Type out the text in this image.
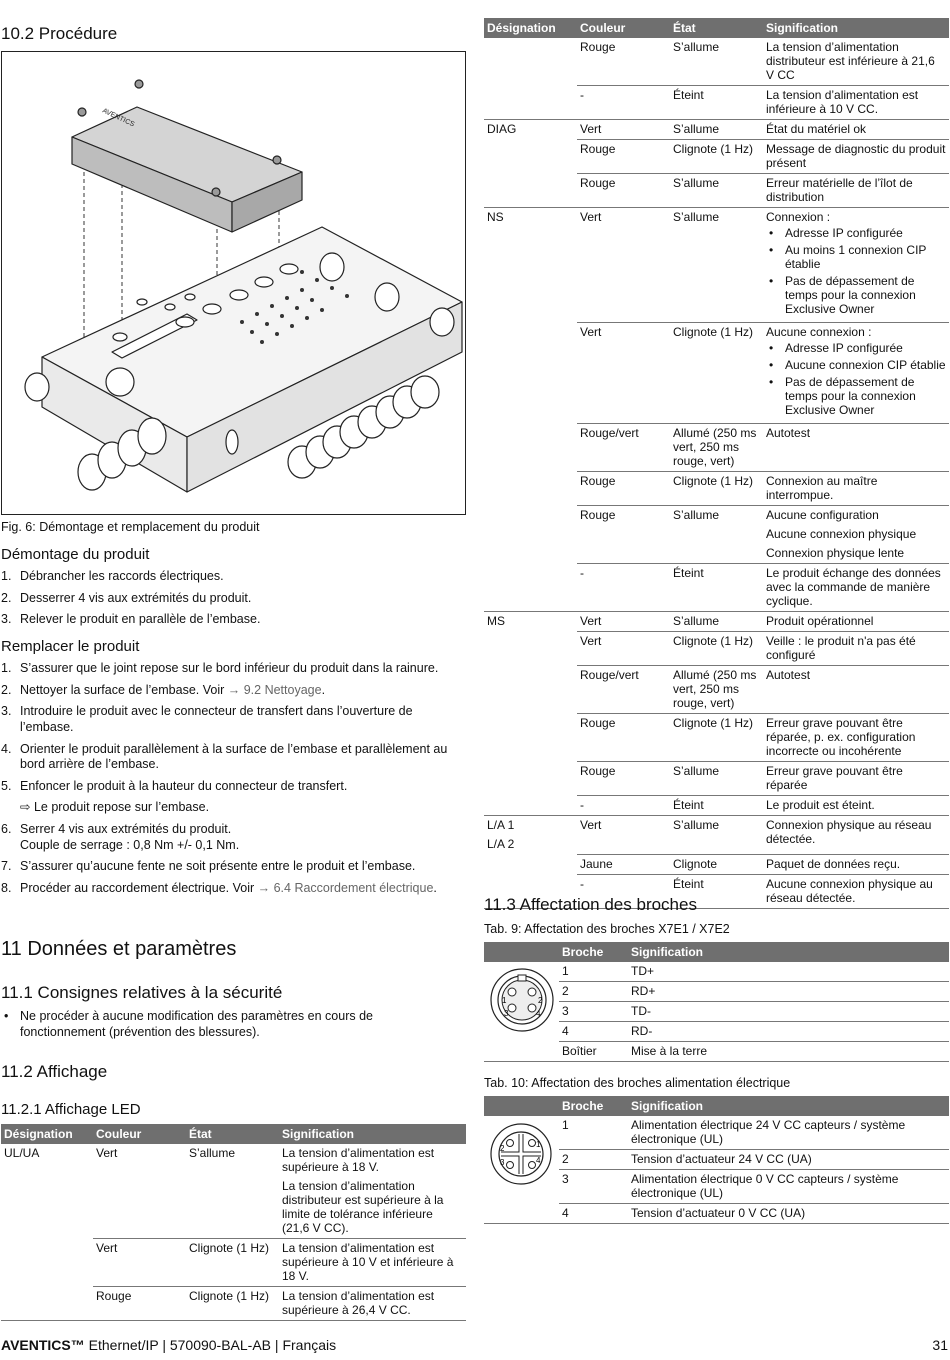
10.2 Procédure
AVENTICS
Fig. 6: Démontage et remplacement du produit
Démontage du produit
1. Débrancher les raccords électriques.
2. Desserrer 4 vis aux extrémités du produit.
3. Relever le produit en parallèle de l’embase.
Remplacer le produit
1. S’assurer que le joint repose sur le bord inférieur du produit dans la rainure.
2. Nettoyer la surface de l’embase. Voir → 9.2 Nettoyage.
3. Introduire le produit avec le connecteur de transfert dans l’ouverture de l’embase.
4. Orienter le produit parallèlement à la surface de l’embase et parallèlement au bord arrière de l’embase.
5. Enfoncer le produit à la hauteur du connecteur de transfert.
⇨ Le produit repose sur l’embase.
6. Serrer 4 vis aux extrémités du produit.
Couple de serrage : 0,8 Nm +/- 0,1 Nm.
7. S’assurer qu’aucune fente ne soit présente entre le produit et l’embase.
8. Procéder au raccordement électrique. Voir → 6.4 Raccordement électrique.
11 Données et paramètres
11.1 Consignes relatives à la sécurité
• Ne procéder à aucune modification des paramètres en cours de fonctionnement (prévention des blessures).
11.2 Affichage
11.2.1 Affichage LED
Désignation	Couleur	État	Signification
UL/UA	Vert	S’allume	La tension d’alimentation est supérieure à 18 V.
			La tension d’alimentation distributeur est supérieure à la limite de tolérance inférieure (21,6 V CC).
	Vert	Clignote (1 Hz)	La tension d’alimentation est supérieure à 10 V et inférieure à 18 V.
	Rouge	Clignote (1 Hz)	La tension d’alimentation est supérieure à 26,4 V CC.
Désignation	Couleur	État	Signification
	Rouge	S’allume	La tension d’alimentation distributeur est inférieure à 21,6 V CC
	-	Éteint	La tension d’alimentation est inférieure à 10 V CC.
DIAG	Vert	S’allume	État du matériel ok
	Rouge	Clignote (1 Hz)	Message de diagnostic du produit présent
	Rouge	S’allume	Erreur matérielle de l’îlot de distribution
NS	Vert	S’allume	Connexion :
• Adresse IP configurée
• Au moins 1 connexion CIP établie
• Pas de dépassement de temps pour la connexion Exclusive Owner

	Vert	Clignote (1 Hz)	Aucune connexion :
• Adresse IP configurée
• Aucune connexion CIP établie
• Pas de dépassement de temps pour la connexion Exclusive Owner

	Rouge/vert	Allumé (250 ms vert, 250 ms rouge, vert)	Autotest
	Rouge	Clignote (1 Hz)	Connexion au maître interrompue.
	Rouge	S’allume	Aucune configuration
Aucune connexion physique
Connexion physique lente

	-	Éteint	Le produit échange des données avec la commande de manière cyclique.
MS	Vert	S’allume	Produit opérationnel
	Vert	Clignote (1 Hz)	Veille : le produit n'a pas été configuré
	Rouge/vert	Allumé (250 ms vert, 250 ms rouge, vert)	Autotest
	Rouge	Clignote (1 Hz)	Erreur grave pouvant être réparée, p. ex. configuration incorrecte ou incohérente
	Rouge	S’allume	Erreur grave pouvant être réparée
	-	Éteint	Le produit est éteint.

L/A 1
L/A 2	Vert	S’allume	Connexion physique au réseau détectée.
	Jaune	Clignote	Paquet de données reçu.
	-	Éteint	Aucune connexion physique au réseau détectée.
11.3 Affectation des broches
Tab. 9: Affectation des broches X7E1 / X7E2
	Broche	Signification

1 2
3 4	1	TD+
	2	RD+
	3	TD-
	4	RD-
	Boîtier	Mise à la terre
Tab. 10: Affectation des broches alimentation électrique
	Broche	Signification

1
2
3 4	1	Alimentation électrique 24 V CC capteurs / système électronique (UL)
	2	Tension d’actuateur 24 V CC (UA)
	3	Alimentation électrique 0 V CC capteurs / système électronique (UL)
	4	Tension d’actuateur 0 V CC (UA)
AVENTICS™ Ethernet/IP | 570090-BAL-AB | Français	31
